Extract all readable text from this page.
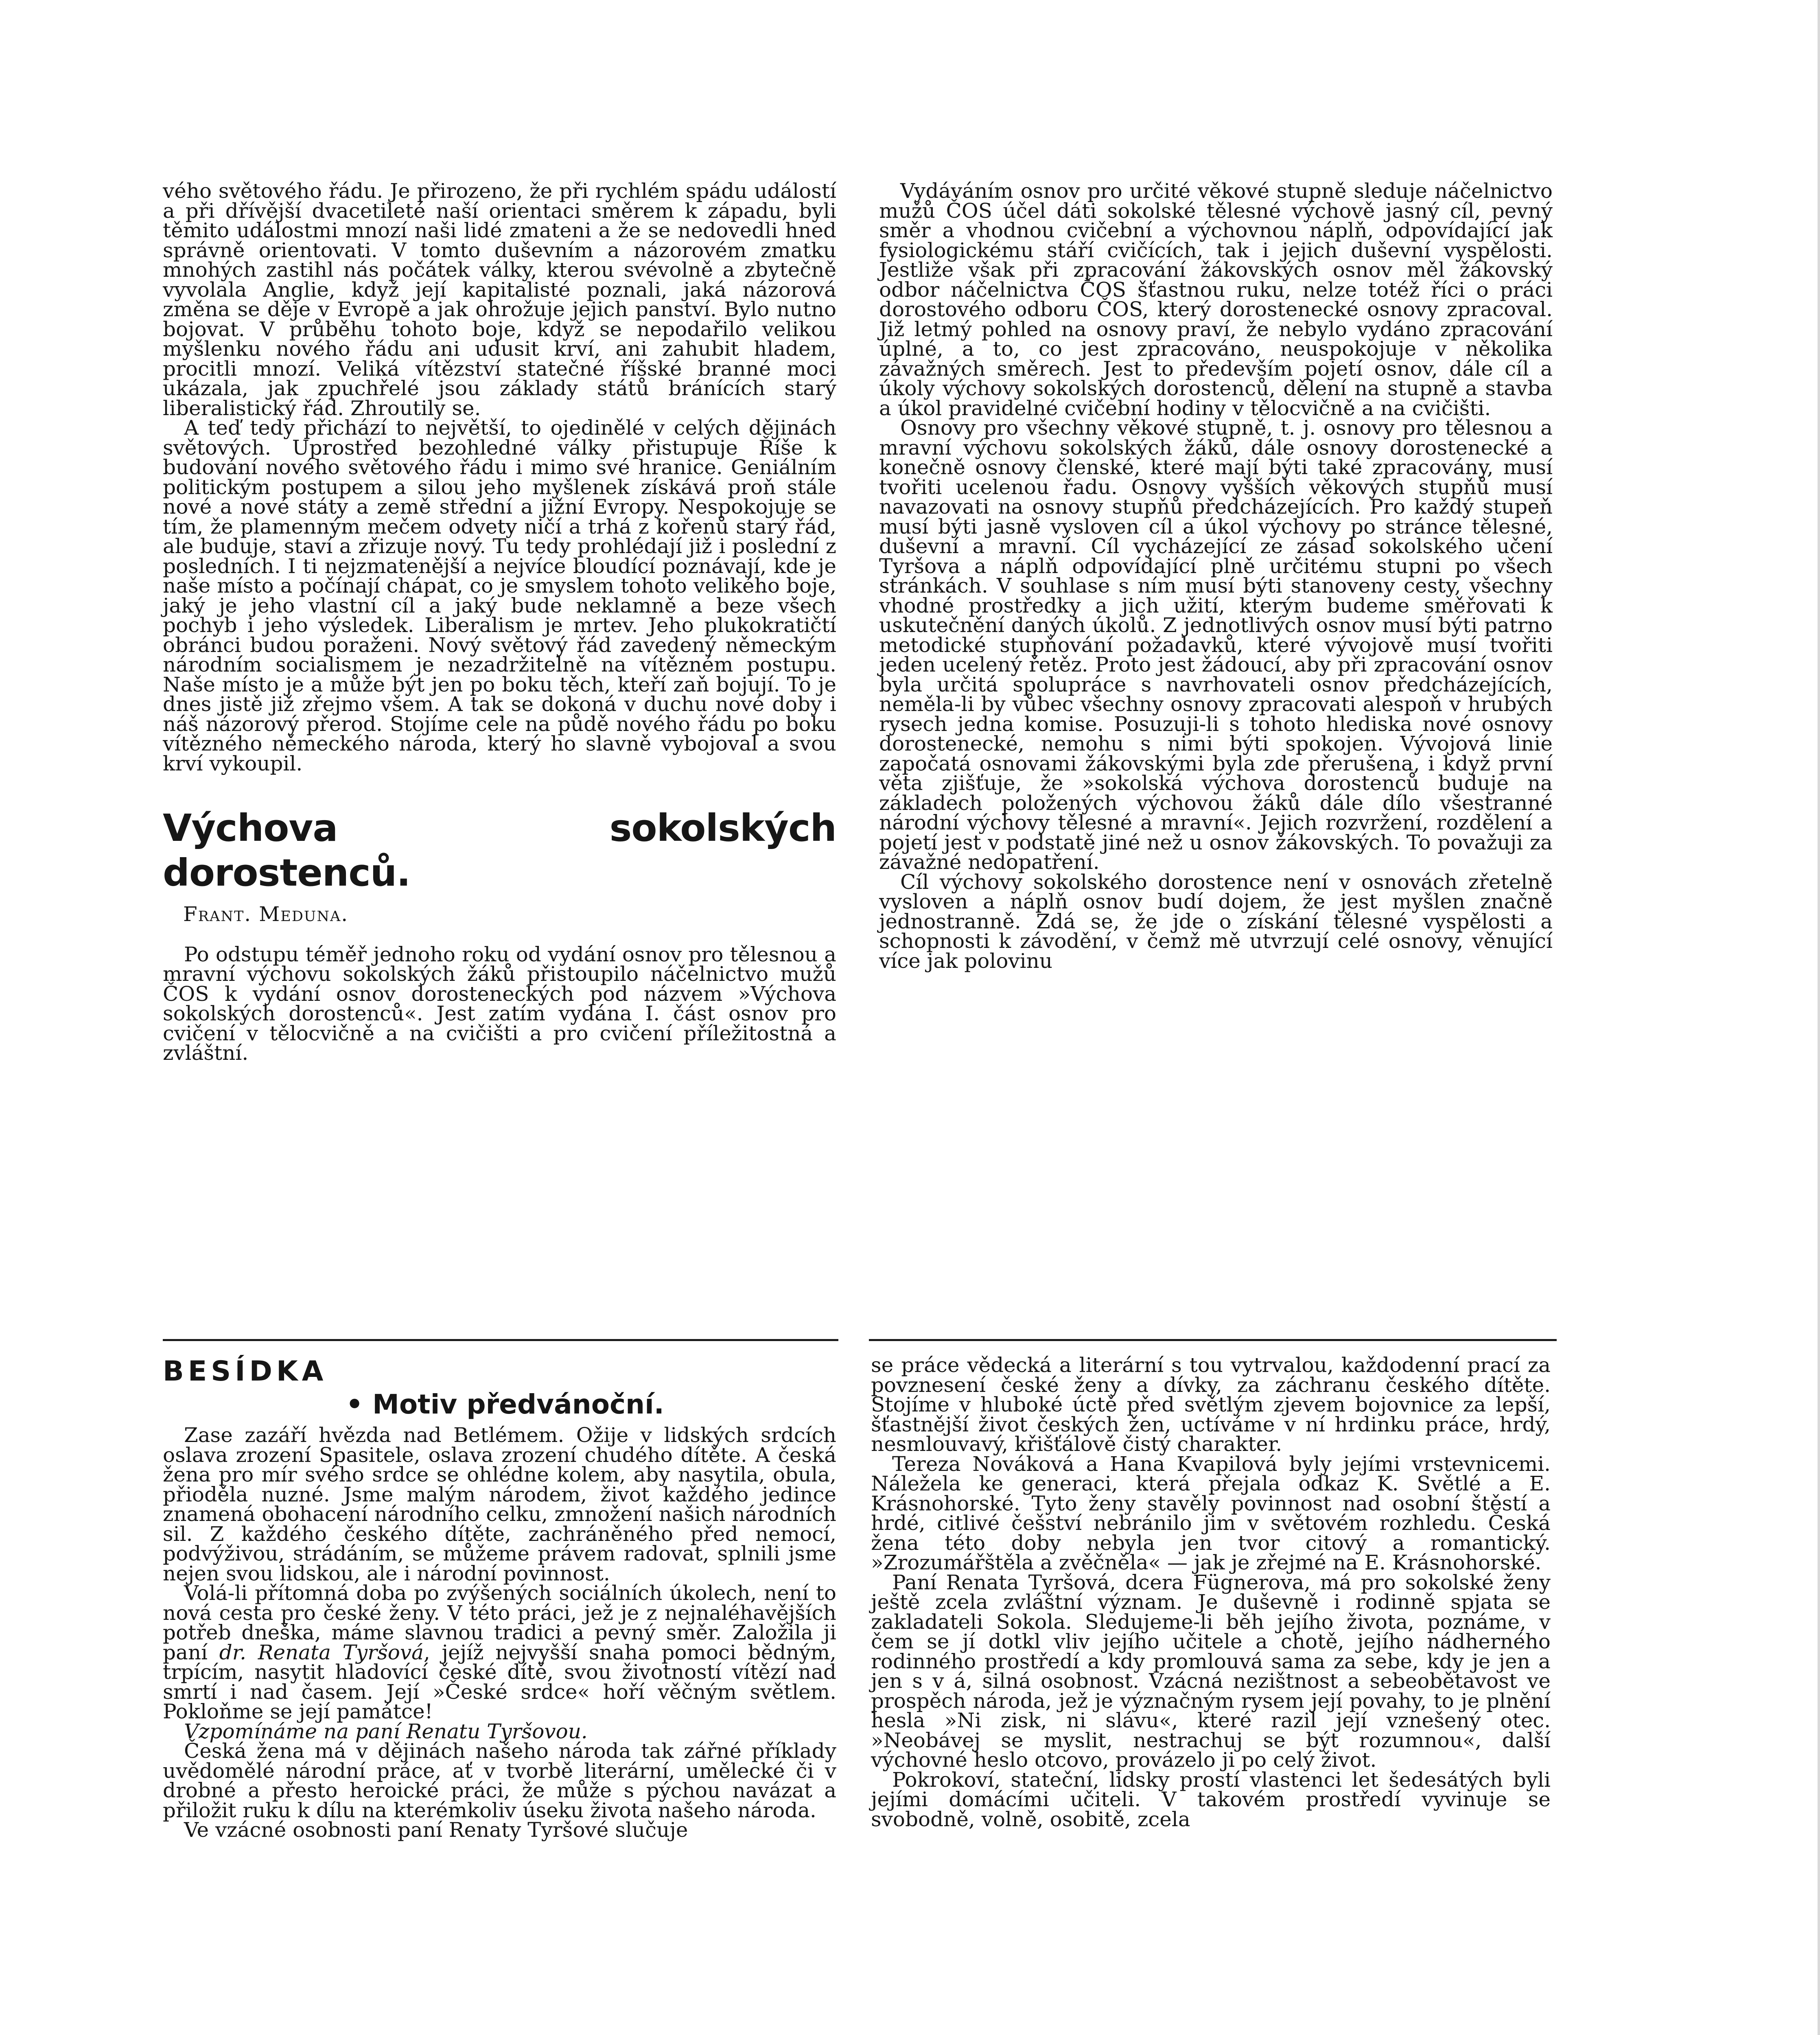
vého světového řádu. Je přirozeno, že při rychlém spádu událostí a při dřívější dvacetileté naší orientaci směrem k západu, byli těmito událostmi mnozí naši lidé zmateni a že se nedovedli hned správně orientovati. V tomto duševním a názorovém zmatku mnohých zastihl nás počátek války, kterou svévolně a zbytečně vyvolala Anglie, když její kapitalisté poznali, jaká názorová změna se děje v Evropě a jak ohrožuje jejich panství. Bylo nutno bojovat. V průběhu tohoto boje, když se nepodařilo velikou myšlenku nového řádu ani udusit krví, ani zahubit hladem, procitli mnozí. Veliká vítězství statečné říšské branné moci ukázala, jak zpuchřelé jsou základy států bránících starý liberalistický řád. Zhroutily se.

A teď tedy přichází to největší, to ojedinělé v celých dějinách světových. Uprostřed bezohledné války přistupuje Říše k budování nového světového řádu i mimo své hranice. Geniálním politickým postupem a silou jeho myšlenek získává proň stále nové a nové státy a země střední a jižní Evropy. Nespokojuje se tím, že plamenným mečem odvety ničí a trhá z kořenů starý řád, ale buduje, staví a zřizuje nový. Tu tedy prohlédají již i poslední z posledních. I ti nejzmatenější a nejvíce bloudící poznávají, kde je naše místo a počínají chápat, co je smyslem tohoto velikého boje, jaký je jeho vlastní cíl a jaký bude neklamně a beze všech pochyb i jeho výsledek. Liberalism je mrtev. Jeho plukokratičtí obránci budou poraženi. Nový světový řád zavedený německým národním socialismem je nezadržitelně na vítězném postupu. Naše místo je a může být jen po boku těch, kteří zaň bojují. To je dnes jistě již zřejmo všem. A tak se dokoná v duchu nové doby i náš názorový přerod. Stojíme cele na půdě nového řádu po boku vítězného německého národa, který ho slavně vybojoval a svou krví vykoupil.

Výchova sokolských dorostenců.
Frant. Meduna.

Po odstupu téměř jednoho roku od vydání osnov pro tělesnou a mravní výchovu sokolských žáků přistoupilo náčelnictvo mužů ČOS k vydání osnov dorosteneckých pod názvem »Výchova sokolských dorostenců«. Jest zatím vydána I. část osnov pro cvičení v tělocvičně a na cvičišti a pro cvičení příležitostná a zvláštní.

Vydáváním osnov pro určité věkové stupně sleduje náčelnictvo mužů ČOS účel dáti sokolské tělesné výchově jasný cíl, pevný směr a vhodnou cvičební a výchovnou náplň, odpovídající jak fysiologickému stáří cvičících, tak i jejich duševní vyspělosti. Jestliže však při zpracování žákovských osnov měl žákovský odbor náčelnictva ČOS šťastnou ruku, nelze totéž říci o práci dorostového odboru ČOS, který dorostenecké osnovy zpracoval. Již letmý pohled na osnovy praví, že nebylo vydáno zpracování úplné, a to, co jest zpracováno, neuspokojuje v několika závažných směrech. Jest to především pojetí osnov, dále cíl a úkoly výchovy sokolských dorostenců, dělení na stupně a stavba a úkol pravidelné cvičební hodiny v tělocvičně a na cvičišti.

Osnovy pro všechny věkové stupně, t. j. osnovy pro tělesnou a mravní výchovu sokolských žáků, dále osnovy dorostenecké a konečně osnovy členské, které mají býti také zpracovány, musí tvořiti ucelenou řadu. Osnovy vyšších věkových stupňů musí navazovati na osnovy stupňů předcházejících. Pro každý stupeň musí býti jasně vysloven cíl a úkol výchovy po stránce tělesné, duševní a mravní. Cíl vycházející ze zásad sokolského učení Tyršova a náplň odpovídající plně určitému stupni po všech stránkách. V souhlase s ním musí býti stanoveny cesty, všechny vhodné prostředky a jich užití, kterým budeme směřovati k uskutečnění daných úkolů. Z jednotlivých osnov musí býti patrno metodické stupňování požadavků, které vývojově musí tvořiti jeden ucelený řetěz. Proto jest žádoucí, aby při zpracování osnov byla určitá spolupráce s navrhovateli osnov předcházejících, neměla-li by vůbec všechny osnovy zpracovati alespoň v hrubých rysech jedna komise. Posuzuji-li s tohoto hlediska nové osnovy dorostenecké, nemohu s nimi býti spokojen. Vývojová linie započatá osnovami žákovskými byla zde přerušena, i když první věta zjišťuje, že »sokolská výchova dorostenců buduje na základech položených výchovou žáků dále dílo všestranné národní výchovy tělesné a mravní«. Jejich rozvržení, rozdělení a pojetí jest v podstatě jiné než u osnov žákovských. To považuji za závažné nedopatření.

Cíl výchovy sokolského dorostence není v osnovách zřetelně vysloven a náplň osnov budí dojem, že jest myšlen značně jednostranně. Zdá se, že jde o získání tělesné vyspělosti a schopnosti k závodění, v čemž mě utvrzují celé osnovy, věnující více jak polovinu

BESÍDKA
• Motiv předvánoční.

Zase zazáří hvězda nad Betlémem. Ožije v lidských srdcích oslava zrození Spasitele, oslava zrození chudého dítěte. A česká žena pro mír svého srdce se ohlédne kolem, aby nasytila, obula, přioděla nuzné. Jsme malým národem, život každého jedince znamená obohacení národního celku, zmnožení našich národních sil. Z každého českého dítěte, zachráněného před nemocí, podvýživou, strádáním, se můžeme právem radovat, splnili jsme nejen svou lidskou, ale i národní povinnost.

Volá-li přítomná doba po zvýšených sociálních úkolech, není to nová cesta pro české ženy. V této práci, jež je z nejnaléhavějších potřeb dneška, máme slavnou tradici a pevný směr. Založila ji paní dr. Renata Tyršová, jejíž nejvyšší snaha pomoci bědným, trpícím, nasytit hladovící české dítě, svou životností vítězí nad smrtí i nad časem. Její »České srdce« hoří věčným světlem. Pokloňme se její památce!

Vzpomínáme na paní Renatu Tyršovou.

Česká žena má v dějinách našeho národa tak zářné příklady uvědomělé národní práce, ať v tvorbě literární, umělecké či v drobné a přesto heroické práci, že může s pýchou navázat a přiložit ruku k dílu na kterémkoliv úseku života našeho národa.

Ve vzácné osobnosti paní Renaty Tyršové slučuje

se práce vědecká a literární s tou vytrvalou, každodenní prací za povznesení české ženy a dívky, za záchranu českého dítěte. Stojíme v hluboké úctě před světlým zjevem bojovnice za lepší, šťastnější život českých žen, uctíváme v ní hrdinku práce, hrdý, nesmlouvavý, křišťálově čistý charakter.

Tereza Nováková a Hana Kvapilová byly jejími vrstevnicemi. Náležela ke generaci, která přejala odkaz K. Světlé a E. Krásnohorské. Tyto ženy stavěly povinnost nad osobní štěstí a hrdé, citlivé češství nebránilo jim v světovém rozhledu. Česká žena této doby nebyla jen tvor citový a romantický. »Zrozumářštěla a zvěčněla« — jak je zřejmé na E. Krásnohorské.

Paní Renata Tyršová, dcera Fügnerova, má pro sokolské ženy ještě zcela zvláštní význam. Je duševně i rodinně spjata se zakladateli Sokola. Sledujeme-li běh jejího života, poznáme, v čem se jí dotkl vliv jejího učitele a chotě, jejího nádherného rodinného prostředí a kdy promlouvá sama za sebe, kdy je jen a jen s v á, silná osobnost. Vzácná nezištnost a sebeobětavost ve prospěch národa, jež je význačným rysem její povahy, to je plnění hesla »Ni zisk, ni slávu«, které razil její vznešený otec. »Neobávej se myslit, nestrachuj se být rozumnou«, další výchovné heslo otcovo, provázelo ji po celý život.

Pokrokoví, stateční, lidsky prostí vlastenci let šedesátých byli jejími domácími učiteli. V takovém prostředí vyvinuje se svobodně, volně, osobitě, zcela
